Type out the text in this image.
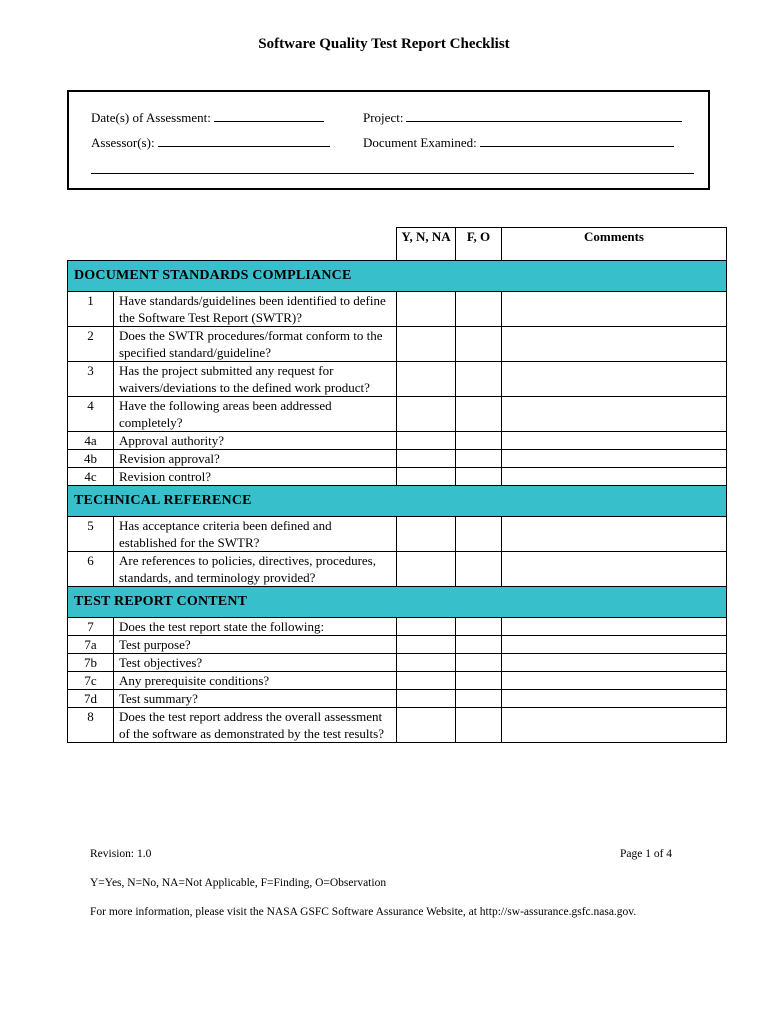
Software Quality Test Report Checklist
Date(s) of Assessment:	Project:
Assessor(s):	Document Examined:
		Y, N, NA	F, O	Comments
DOCUMENT STANDARDS COMPLIANCE				
1	Have standards/guidelines been identified to define the Software Test Report (SWTR)?			
2	Does the SWTR procedures/format conform to the specified standard/guideline?			
3	Has the project submitted any request for waivers/deviations to the defined work product?			
4	Have the following areas been addressed completely?			
4a	Approval authority?			
4b	Revision approval?			
4c	Revision control?			
TECHNICAL REFERENCE				
5	Has acceptance criteria been defined and established for the SWTR?			
6	Are references to policies, directives, procedures, standards, and terminology provided?			
TEST REPORT CONTENT				
7	Does the test report state the following:			
7a	Test purpose?			
7b	Test objectives?			
7c	Any prerequisite conditions?			
7d	Test summary?			
8	Does the test report address the overall assessment of the software as demonstrated by the test results?			
Revision: 1.0	Page 1 of 4
Y=Yes, N=No, NA=Not Applicable, F=Finding, O=Observation
For more information, please visit the NASA GSFC Software Assurance Website, at http://sw-assurance.gsfc.nasa.gov.
